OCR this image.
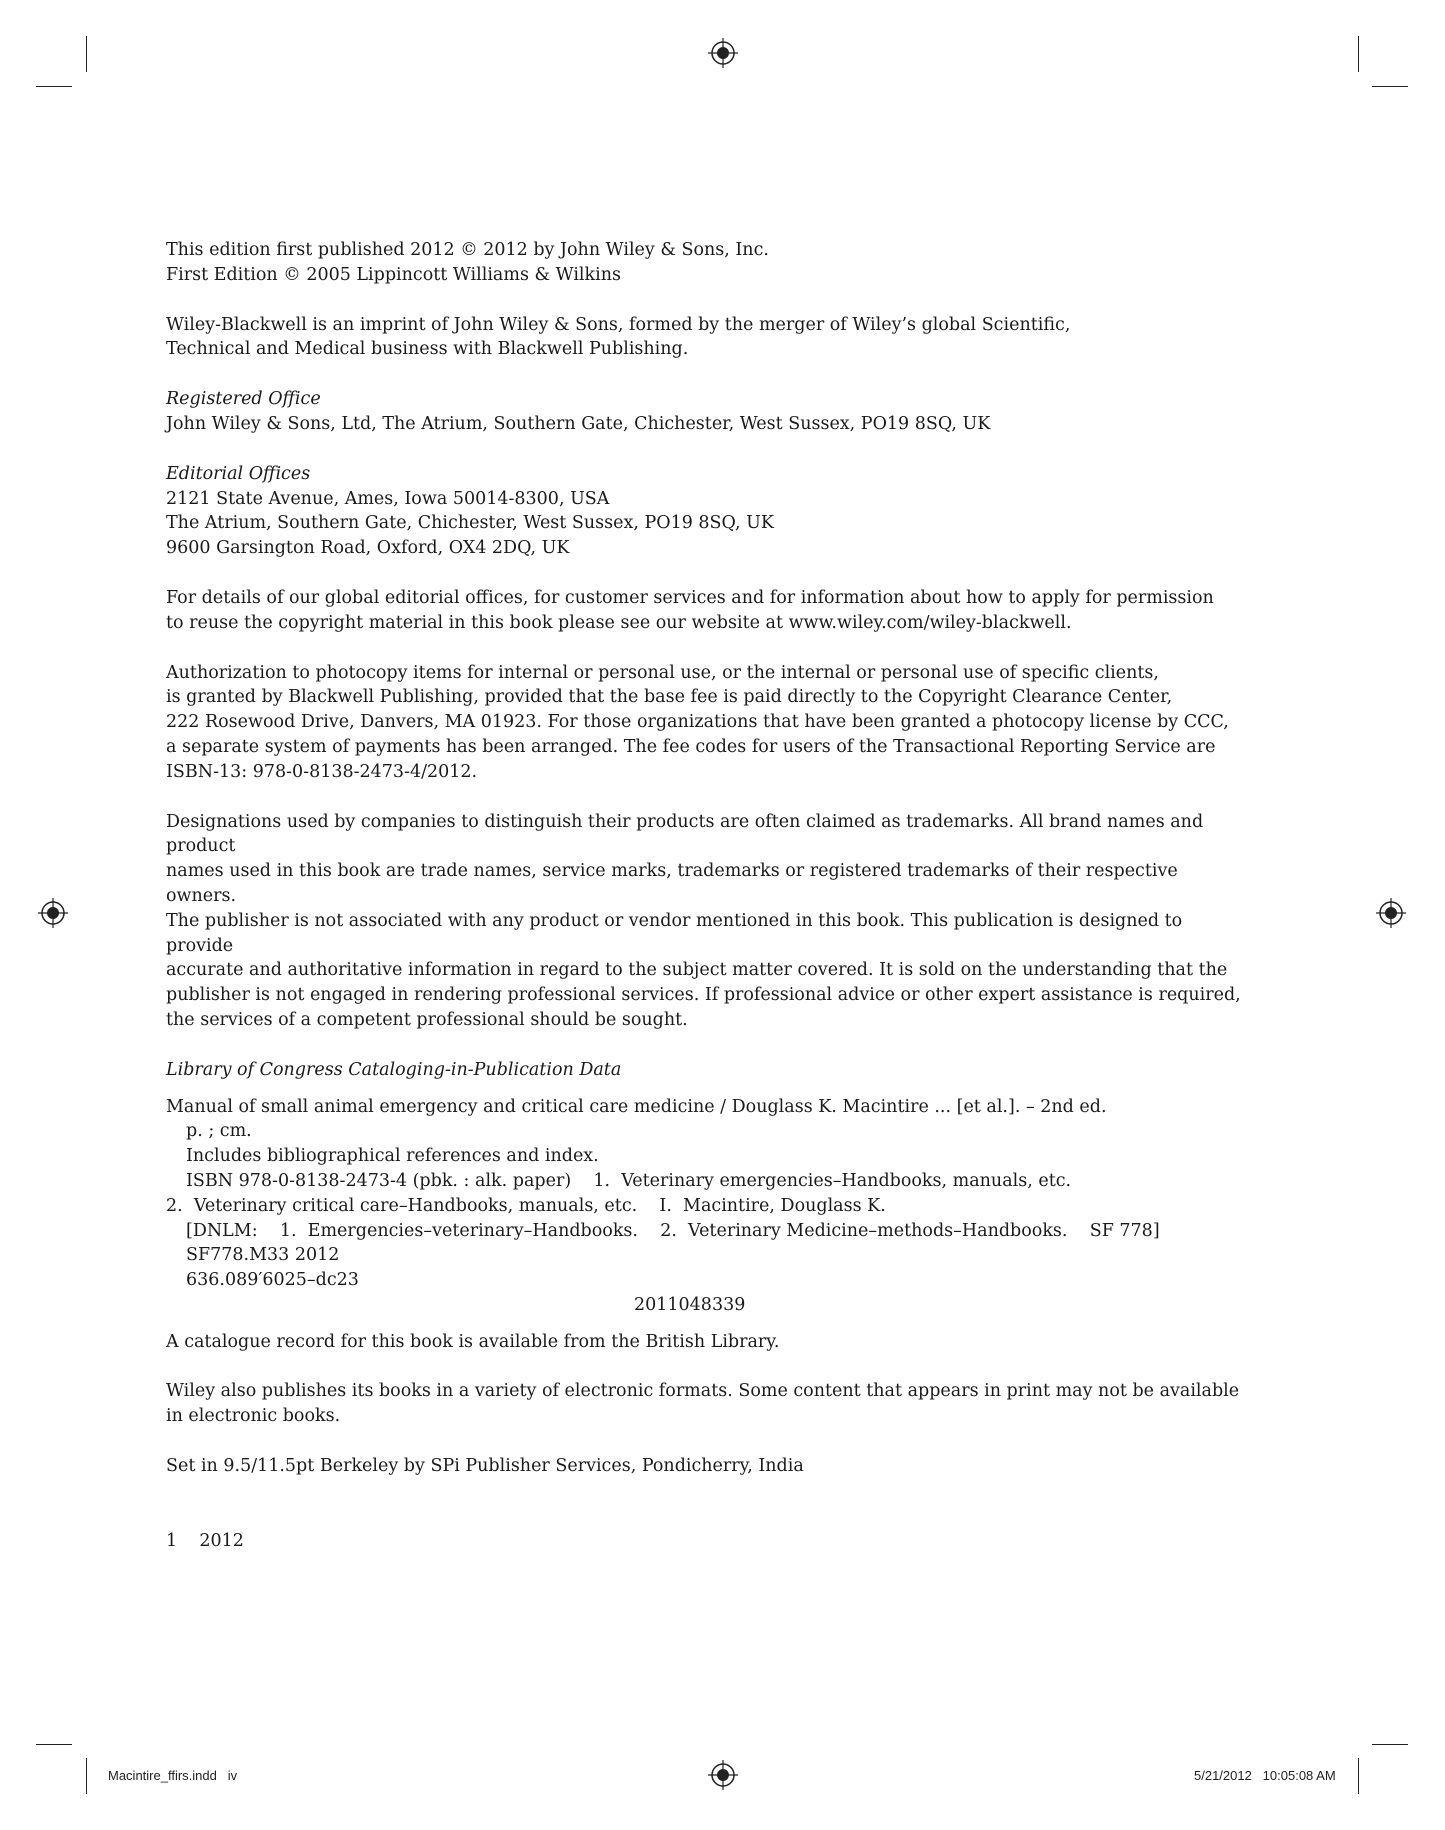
This edition first published 2012 © 2012 by John Wiley & Sons, Inc.

First Edition © 2005 Lippincott Williams & Wilkins

Wiley-Blackwell is an imprint of John Wiley & Sons, formed by the merger of Wiley’s global Scientific,

Technical and Medical business with Blackwell Publishing.

Registered Office

John Wiley & Sons, Ltd, The Atrium, Southern Gate, Chichester, West Sussex, PO19 8SQ, UK

Editorial Offices

2121 State Avenue, Ames, Iowa 50014-8300, USA

The Atrium, Southern Gate, Chichester, West Sussex, PO19 8SQ, UK

9600 Garsington Road, Oxford, OX4 2DQ, UK

For details of our global editorial offices, for customer services and for information about how to apply for permission

to reuse the copyright material in this book please see our website at www.wiley.com/wiley-blackwell.

Authorization to photocopy items for internal or personal use, or the internal or personal use of specific clients,

is granted by Blackwell Publishing, provided that the base fee is paid directly to the Copyright Clearance Center,

222 Rosewood Drive, Danvers, MA 01923. For those organizations that have been granted a photocopy license by CCC,

a separate system of payments has been arranged. The fee codes for users of the Transactional Reporting Service are

ISBN-13: 978-0-8138-2473-4/2012.

Designations used by companies to distinguish their products are often claimed as trademarks. All brand names and product

names used in this book are trade names, service marks, trademarks or registered trademarks of their respective owners.

The publisher is not associated with any product or vendor mentioned in this book. This publication is designed to provide

accurate and authoritative information in regard to the subject matter covered. It is sold on the understanding that the

publisher is not engaged in rendering professional services. If professional advice or other expert assistance is required,

the services of a competent professional should be sought.

Library of Congress Cataloging-in-Publication Data

Manual of small animal emergency and critical care medicine / Douglass K. Macintire ... [et al.]. – 2nd ed.

p. ; cm.

Includes bibliographical references and index.

ISBN 978-0-8138-2473-4 (pbk. : alk. paper)    1.  Veterinary emergencies–Handbooks, manuals, etc.

2.  Veterinary critical care–Handbooks, manuals, etc.    I.  Macintire, Douglass K.

[DNLM:    1.  Emergencies–veterinary–Handbooks.    2.  Veterinary Medicine–methods–Handbooks.    SF 778]

SF778.M33 2012

636.089′6025–dc23

2011048339

A catalogue record for this book is available from the British Library.

Wiley also publishes its books in a variety of electronic formats. Some content that appears in print may not be available

in electronic books.

Set in 9.5/11.5pt Berkeley by SPi Publisher Services, Pondicherry, India

1    2012

Macintire_ffirs.indd   iv	5/21/2012   10:05:08 AM
